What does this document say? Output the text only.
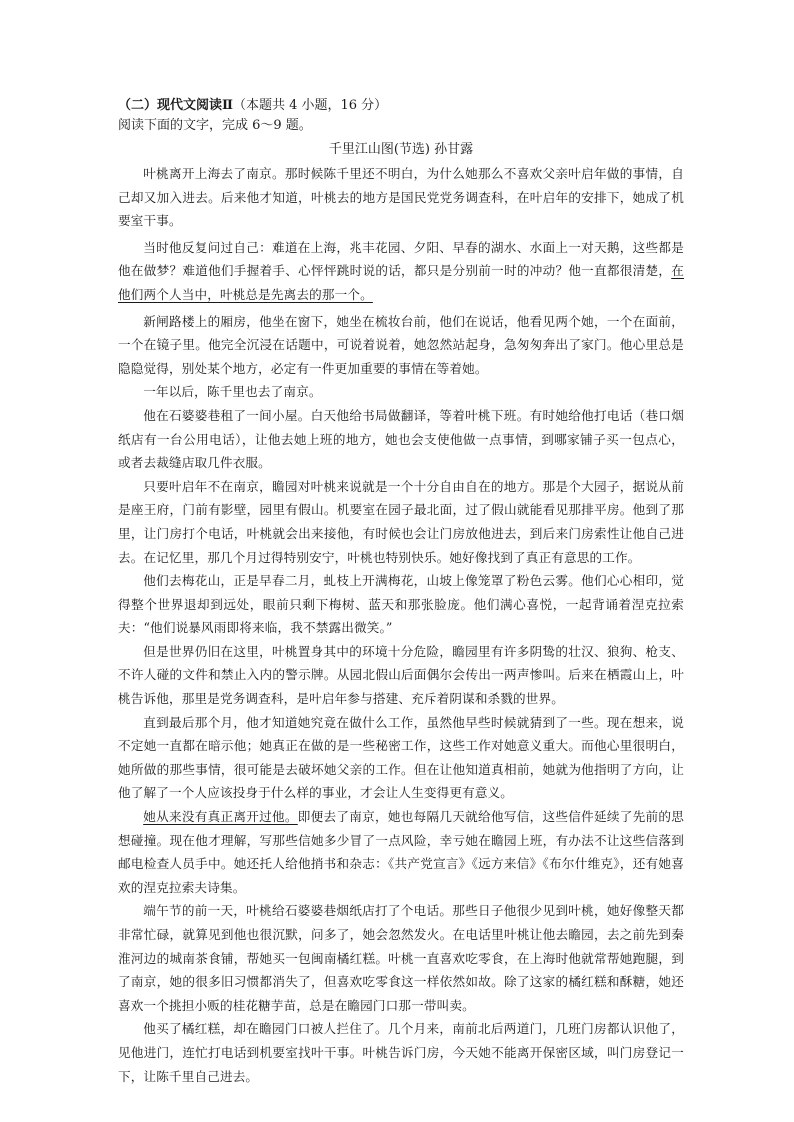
（二）现代文阅读Ⅱ（本题共 4 小题，16 分）

阅读下面的文字，完成 6～9 题。

千里江山图(节选) 孙甘露

叶桃离开上海去了南京。那时候陈千里还不明白，为什么她那么不喜欢父亲叶启年做的事情，自己却又加入进去。后来他才知道，叶桃去的地方是国民党党务调查科，在叶启年的安排下，她成了机要室干事。

当时他反复问过自己：难道在上海，兆丰花园、夕阳、早春的湖水、水面上一对天鹅，这些都是他在做梦？难道他们手握着手、心怦怦跳时说的话，都只是分别前一时的冲动？他一直都很清楚，在他们两个人当中，叶桃总是先离去的那一个。

新闸路楼上的厢房，他坐在窗下，她坐在梳妆台前，他们在说话，他看见两个她，一个在面前，一个在镜子里。他完全沉浸在话题中，可说着说着，她忽然站起身，急匆匆奔出了家门。他心里总是隐隐觉得，别处某个地方，必定有一件更加重要的事情在等着她。

一年以后，陈千里也去了南京。

他在石婆婆巷租了一间小屋。白天他给书局做翻译，等着叶桃下班。有时她给他打电话（巷口烟纸店有一台公用电话），让他去她上班的地方，她也会支使他做一点事情，到哪家铺子买一包点心，或者去裁缝店取几件衣服。

只要叶启年不在南京，瞻园对叶桃来说就是一个十分自由自在的地方。那是个大园子，据说从前是座王府，门前有影壁，园里有假山。机要室在园子最北面，过了假山就能看见那排平房。他到了那里，让门房打个电话，叶桃就会出来接他，有时候也会让门房放他进去，到后来门房索性让他自己进去。在记忆里，那几个月过得特别安宁，叶桃也特别快乐。她好像找到了真正有意思的工作。

他们去梅花山，正是早春二月，虬枝上开满梅花，山坡上像笼罩了粉色云雾。他们心心相印，觉得整个世界退却到远处，眼前只剩下梅树、蓝天和那张脸庞。他们满心喜悦，一起背诵着涅克拉索夫：“他们说暴风雨即将来临，我不禁露出微笑。”

但是世界仍旧在这里，叶桃置身其中的环境十分危险，瞻园里有许多阴鸷的壮汉、狼狗、枪支、不许人碰的文件和禁止入内的警示牌。从园北假山后面偶尔会传出一两声惨叫。后来在栖霞山上，叶桃告诉他，那里是党务调查科，是叶启年参与搭建、充斥着阴谋和杀戮的世界。

直到最后那个月，他才知道她究竟在做什么工作，虽然他早些时候就猜到了一些。现在想来，说不定她一直都在暗示他；她真正在做的是一些秘密工作，这些工作对她意义重大。而他心里很明白，她所做的那些事情，很可能是去破坏她父亲的工作。但在让他知道真相前，她就为他指明了方向，让他了解了一个人应该投身于什么样的事业，才会让人生变得更有意义。

她从来没有真正离开过他。即便去了南京，她也每隔几天就给他写信，这些信件延续了先前的思想碰撞。现在他才理解，写那些信她多少冒了一点风险，幸亏她在瞻园上班，有办法不让这些信落到邮电检查人员手中。她还托人给他捎书和杂志：《共产党宣言》《远方来信》《布尔什维克》，还有她喜欢的涅克拉索夫诗集。

端午节的前一天，叶桃给石婆婆巷烟纸店打了个电话。那些日子他很少见到叶桃，她好像整天都非常忙碌，就算见到他也很沉默，问多了，她会忽然发火。在电话里叶桃让他去瞻园，去之前先到秦淮河边的城南茶食铺，帮她买一包闽南橘红糕。叶桃一直喜欢吃零食，在上海时他就常帮她跑腿，到了南京，她的很多旧习惯都消失了，但喜欢吃零食这一样依然如故。除了这家的橘红糕和酥糖，她还喜欢一个挑担小贩的桂花糖芋苗，总是在瞻园门口那一带叫卖。

他买了橘红糕，却在瞻园门口被人拦住了。几个月来，南前北后两道门，几班门房都认识他了，见他进门，连忙打电话到机要室找叶干事。叶桃告诉门房，今天她不能离开保密区域，叫门房登记一下，让陈千里自己进去。
